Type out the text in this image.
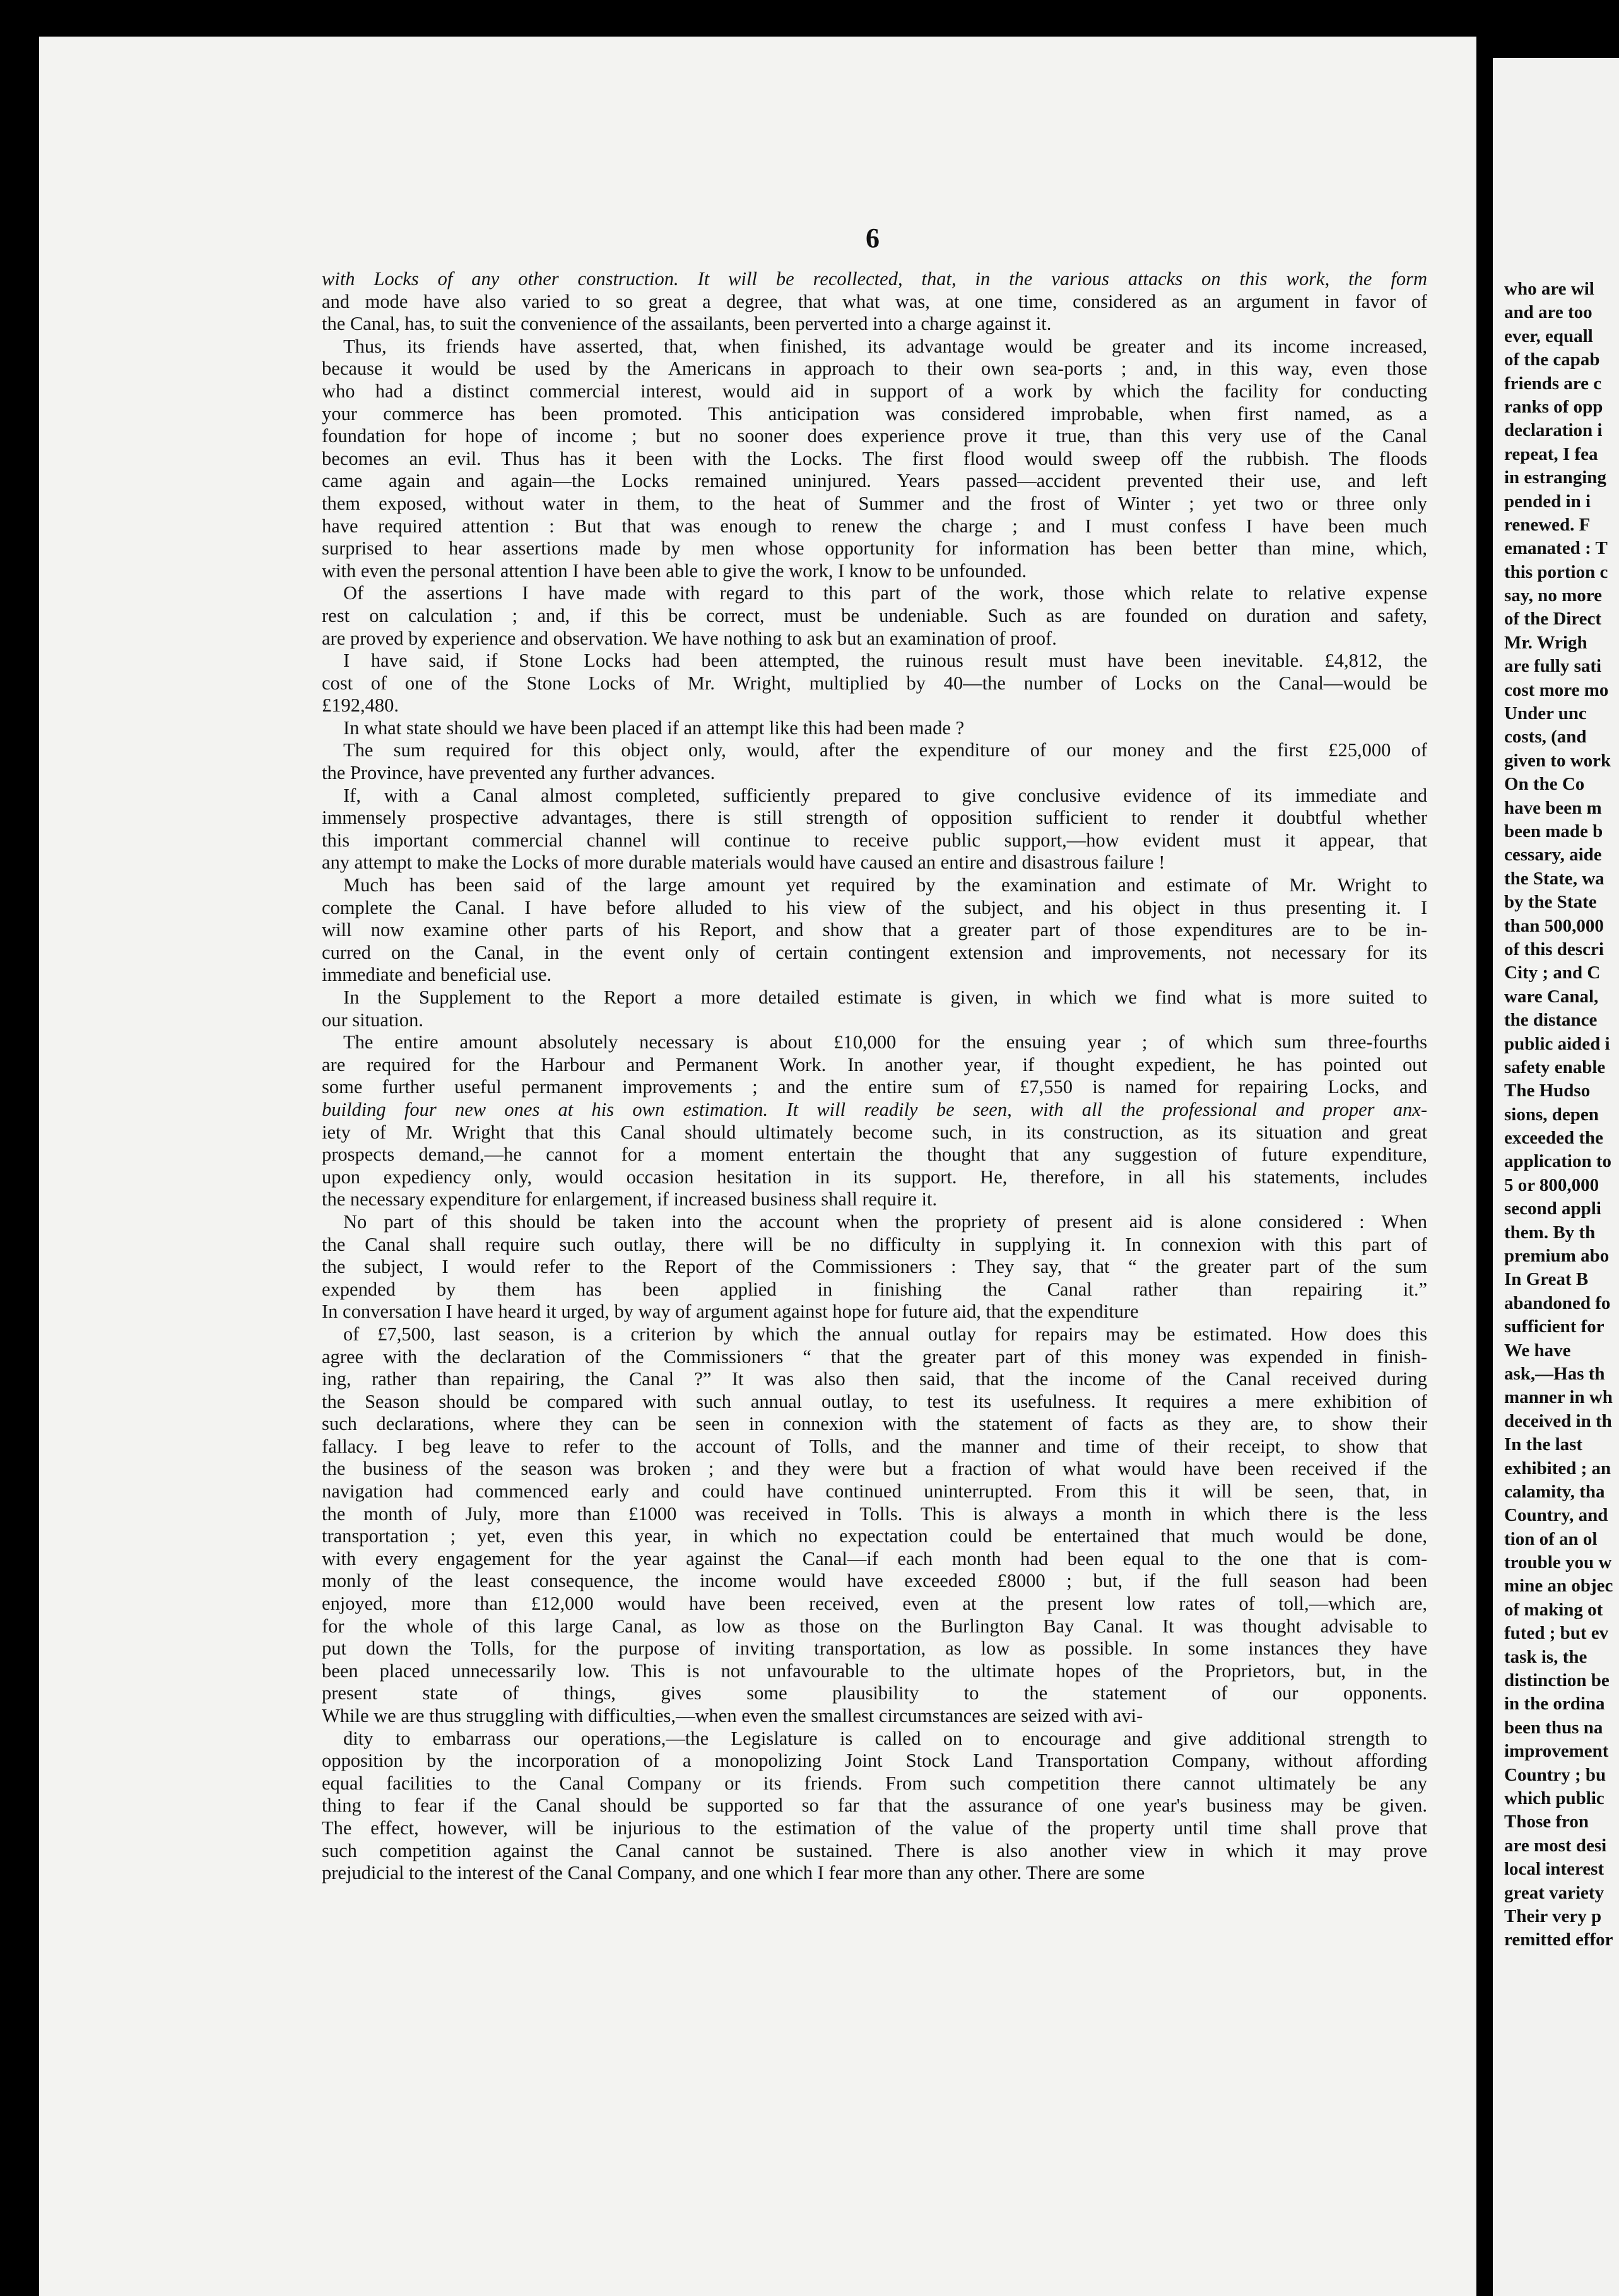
who are wil
and are too
ever, equall
of the capab
friends are c
ranks of opp
declaration i
repeat, I fea
in estranging
pended in i
renewed. F
emanated : T
this portion c
say, no more
of the Direct
Mr. Wrigh
are fully sati
cost more mo
Under unc
costs, (and
given to work
On the Co
have been m
been made b
cessary, aide
the State, wa
by the State
than 500,000
of this descri
City ; and C
ware Canal,
the distance
public aided i
safety enable
The Hudso
sions, depen
exceeded the
application to
5 or 800,000
second appli
them. By th
premium abo
In Great B
abandoned fo
sufficient for
We have
ask,—Has th
manner in wh
deceived in th
In the last
exhibited ; an
calamity, tha
Country, and
tion of an ol
trouble you w
mine an objec
of making ot
futed ; but ev
task is, the
distinction be
in the ordina
been thus na
improvement
Country ; bu
which public
Those fron
are most desi
local interest
great variety
Their very p
remitted effor
6
with Locks of any other construction. It will be recollected, that, in the various attacks on this work, the form
and mode have also varied to so great a degree, that what was, at one time, considered as an argument in favor of
the Canal, has, to suit the convenience of the assailants, been perverted into a charge against it.
Thus, its friends have asserted, that, when finished, its advantage would be greater and its income increased,
because it would be used by the Americans in approach to their own sea-ports ; and, in this way, even those
who had a distinct commercial interest, would aid in support of a work by which the facility for conducting
your commerce has been promoted. This anticipation was considered improbable, when first named, as a
foundation for hope of income ; but no sooner does experience prove it true, than this very use of the Canal
becomes an evil. Thus has it been with the Locks. The first flood would sweep off the rubbish. The floods
came again and again—the Locks remained uninjured. Years passed—accident prevented their use, and left
them exposed, without water in them, to the heat of Summer and the frost of Winter ; yet two or three only
have required attention : But that was enough to renew the charge ; and I must confess I have been much
surprised to hear assertions made by men whose opportunity for information has been better than mine, which,
with even the personal attention I have been able to give the work, I know to be unfounded.
Of the assertions I have made with regard to this part of the work, those which relate to relative expense
rest on calculation ; and, if this be correct, must be undeniable. Such as are founded on duration and safety,
are proved by experience and observation. We have nothing to ask but an examination of proof.
I have said, if Stone Locks had been attempted, the ruinous result must have been inevitable. £4,812, the
cost of one of the Stone Locks of Mr. Wright, multiplied by 40—the number of Locks on the Canal—would be
£192,480.
In what state should we have been placed if an attempt like this had been made ?
The sum required for this object only, would, after the expenditure of our money and the first £25,000 of
the Province, have prevented any further advances.
If, with a Canal almost completed, sufficiently prepared to give conclusive evidence of its immediate and
immensely prospective advantages, there is still strength of opposition sufficient to render it doubtful whether
this important commercial channel will continue to receive public support,—how evident must it appear, that
any attempt to make the Locks of more durable materials would have caused an entire and disastrous failure !
Much has been said of the large amount yet required by the examination and estimate of Mr. Wright to
complete the Canal. I have before alluded to his view of the subject, and his object in thus presenting it. I
will now examine other parts of his Report, and show that a greater part of those expenditures are to be in-
curred on the Canal, in the event only of certain contingent extension and improvements, not necessary for its
immediate and beneficial use.
In the Supplement to the Report a more detailed estimate is given, in which we find what is more suited to
our situation.
The entire amount absolutely necessary is about £10,000 for the ensuing year ; of which sum three-fourths
are required for the Harbour and Permanent Work. In another year, if thought expedient, he has pointed out
some further useful permanent improvements ; and the entire sum of £7,550 is named for repairing Locks, and
building four new ones at his own estimation. It will readily be seen, with all the professional and proper anx-
iety of Mr. Wright that this Canal should ultimately become such, in its construction, as its situation and great
prospects demand,—he cannot for a moment entertain the thought that any suggestion of future expenditure,
upon expediency only, would occasion hesitation in its support. He, therefore, in all his statements, includes
the necessary expenditure for enlargement, if increased business shall require it.
No part of this should be taken into the account when the propriety of present aid is alone considered : When
the Canal shall require such outlay, there will be no difficulty in supplying it. In connexion with this part of
the subject, I would refer to the Report of the Commissioners : They say, that “ the greater part of the sum
expended by them has been applied in finishing the Canal rather than repairing it.”
In conversation I have heard it urged, by way of argument against hope for future aid, that the expenditure
of £7,500, last season, is a criterion by which the annual outlay for repairs may be estimated. How does this
agree with the declaration of the Commissioners “ that the greater part of this money was expended in finish-
ing, rather than repairing, the Canal ?” It was also then said, that the income of the Canal received during
the Season should be compared with such annual outlay, to test its usefulness. It requires a mere exhibition of
such declarations, where they can be seen in connexion with the statement of facts as they are, to show their
fallacy. I beg leave to refer to the account of Tolls, and the manner and time of their receipt, to show that
the business of the season was broken ; and they were but a fraction of what would have been received if the
navigation had commenced early and could have continued uninterrupted. From this it will be seen, that, in
the month of July, more than £1000 was received in Tolls. This is always a month in which there is the less
transportation ; yet, even this year, in which no expectation could be entertained that much would be done,
with every engagement for the year against the Canal—if each month had been equal to the one that is com-
monly of the least consequence, the income would have exceeded £8000 ; but, if the full season had been
enjoyed, more than £12,000 would have been received, even at the present low rates of toll,—which are,
for the whole of this large Canal, as low as those on the Burlington Bay Canal. It was thought advisable to
put down the Tolls, for the purpose of inviting transportation, as low as possible. In some instances they have
been placed unnecessarily low. This is not unfavourable to the ultimate hopes of the Proprietors, but, in the
present state of things, gives some plausibility to the statement of our opponents.
While we are thus struggling with difficulties,—when even the smallest circumstances are seized with avi-
dity to embarrass our operations,—the Legislature is called on to encourage and give additional strength to
opposition by the incorporation of a monopolizing Joint Stock Land Transportation Company, without affording
equal facilities to the Canal Company or its friends. From such competition there cannot ultimately be any
thing to fear if the Canal should be supported so far that the assurance of one year's business may be given.
The effect, however, will be injurious to the estimation of the value of the property until time shall prove that
such competition against the Canal cannot be sustained. There is also another view in which it may prove
prejudicial to the interest of the Canal Company, and one which I fear more than any other. There are some
